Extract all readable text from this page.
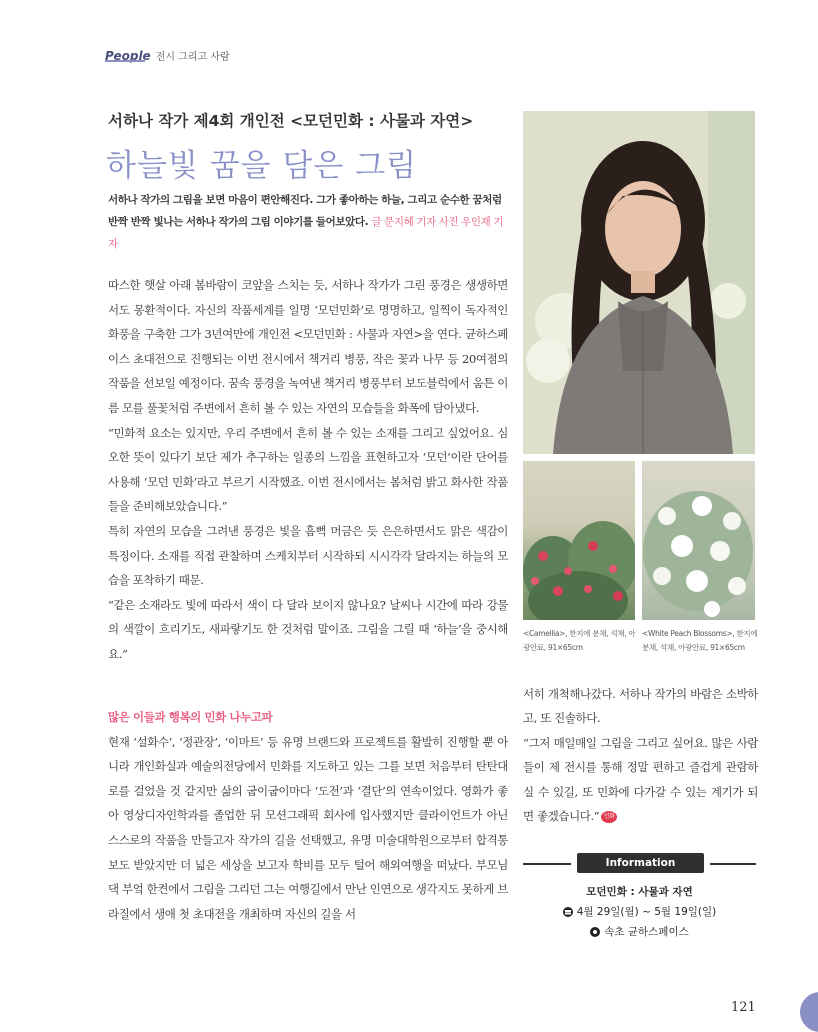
People 전시 그리고 사람
서하나 작가 제4회 개인전 <모던민화 : 사물과 자연>
하늘빛 꿈을 담은 그림
서하나 작가의 그림을 보면 마음이 편안해진다. 그가 좋아하는 하늘, 그리고 순수한 꿈처럼 반짝 반짝 빛나는 서하나 작가의 그림 이야기를 들어보았다. 글 문지혜 기자 사진 우인재 기자

따스한 햇살 아래 봄바람이 코앞을 스치는 듯, 서하나 작가가 그린 풍경은 생생하면서도 몽환적이다. 자신의 작품세계를 일명 ‘모던민화’로 명명하고, 일찍이 독자적인 화풍을 구축한 그가 3년여만에 개인전 <모던민화 : 사물과 자연>을 연다. 균하스페이스 초대전으로 진행되는 이번 전시에서 책거리 병풍, 작은 꽃과 나무 등 20여점의 작품을 선보일 예정이다. 꿈속 풍경을 녹여낸 책거리 병풍부터 보도블럭에서 움튼 이름 모를 풀꽃처럼 주변에서 흔히 볼 수 있는 자연의 모습들을 화폭에 담아냈다.

“민화적 요소는 있지만, 우리 주변에서 흔히 볼 수 있는 소재를 그리고 싶었어요. 심오한 뜻이 있다기 보단 제가 추구하는 일종의 느낌을 표현하고자 ‘모던’이란 단어를 사용해 ‘모던 민화’라고 부르기 시작했죠. 이번 전시에서는 봄처럼 밝고 화사한 작품들을 준비해보았습니다.”

특히 자연의 모습을 그려낸 풍경은 빛을 흠뻑 머금은 듯 은은하면서도 맑은 색감이 특징이다. 소재를 직접 관찰하며 스케치부터 시작하되 시시각각 달라지는 하늘의 모습을 포착하기 때문.

“같은 소재라도 빛에 따라서 색이 다 달라 보이지 않나요? 날씨나 시간에 따라 강물의 색깔이 흐리기도, 새파랗기도 한 것처럼 말이죠. 그림을 그릴 때 ‘하늘’을 중시해요.”

많은 이들과 행복의 민화 나누고파

현재 ‘설화수’, ‘정관장’, ‘이마트’ 등 유명 브랜드와 프로젝트를 활발히 진행할 뿐 아니라 개인화실과 예술의전당에서 민화를 지도하고 있는 그를 보면 처음부터 탄탄대로를 걸었을 것 같지만 삶의 굽이굽이마다 ‘도전’과 ‘결단’의 연속이었다. 영화가 좋아 영상디자인학과를 졸업한 뒤 모션그래픽 회사에 입사했지만 클라이언트가 아닌 스스로의 작품을 만들고자 작가의 길을 선택했고, 유명 미술대학원으로부터 합격통보도 받았지만 더 넓은 세상을 보고자 학비를 모두 털어 해외여행을 떠났다. 부모님 댁 부엌 한켠에서 그림을 그리던 그는 여행길에서 만난 인연으로 생각지도 못하게 브라질에서 생애 첫 초대전을 개최하며 자신의 길을 서

<Camellia>, 한지에 분채, 석채, 아광안료, 91×65cm
<White Peach Blossoms>, 한지에 분채, 석채, 아광안료, 91×65cm

서히 개척해나갔다. 서하나 작가의 바람은 소박하고, 또 진솔하다.

“그저 매일매일 그림을 그리고 싶어요. 많은 사람들이 제 전시를 통해 정말 편하고 즐겁게 관람하실 수 있길, 또 민화에 다가갈 수 있는 계기가 되면 좋겠습니다.” 민화

Information
모던민화 : 사물과 자연
4월 29일(월) ~ 5월 19일(일)
속초 균하스페이스
121
